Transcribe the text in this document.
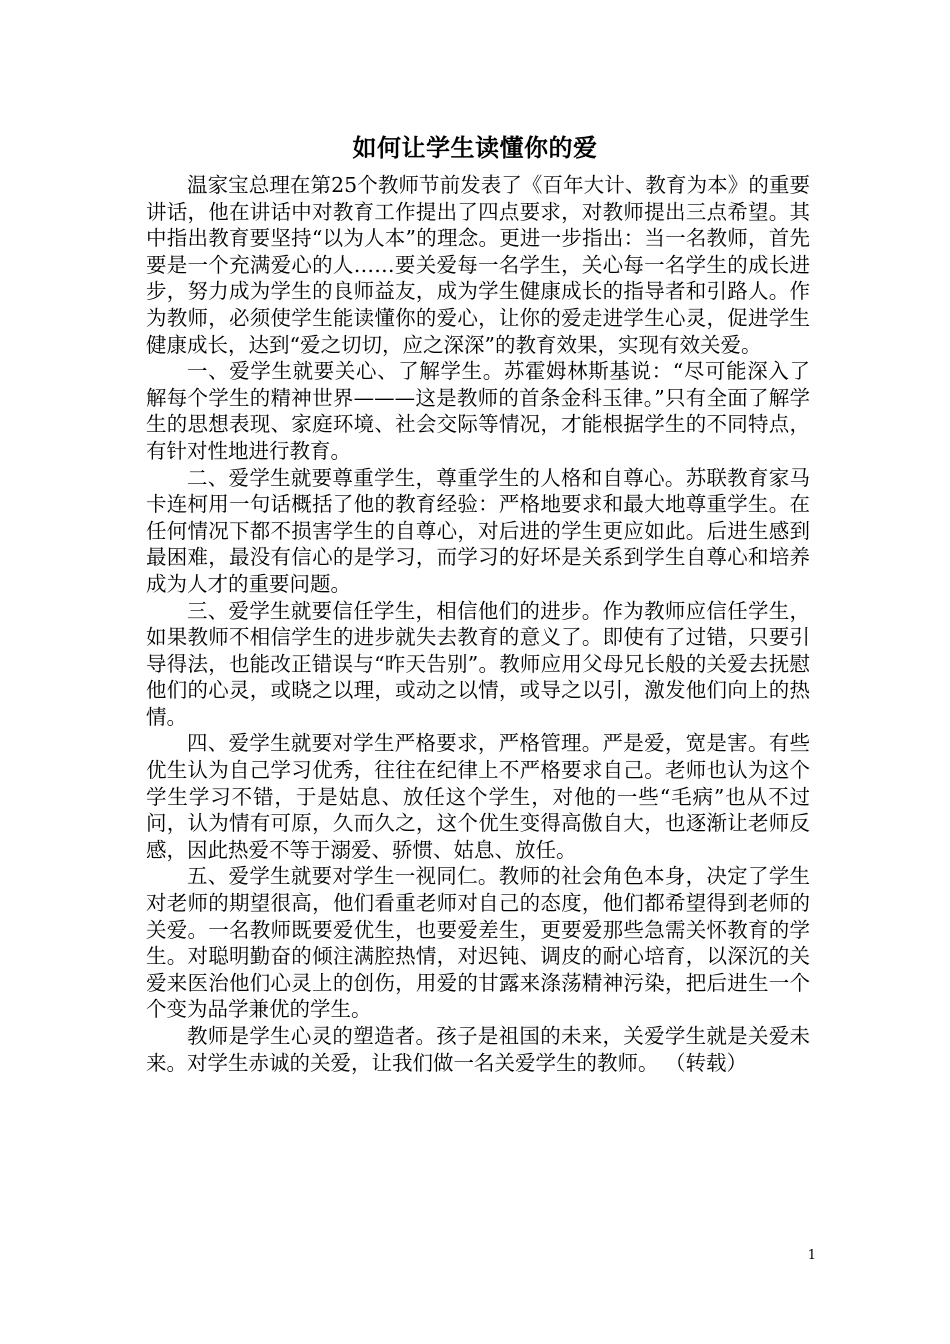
如何让学生读懂你的爱

温家宝总理在第25个教师节前发表了《百年大计、教育为本》的重要讲话，他在讲话中对教育工作提出了四点要求，对教师提出三点希望。其中指出教育要坚持“以为人本”的理念。更进一步指出：当一名教师，首先要是一个充满爱心的人……要关爱每一名学生，关心每一名学生的成长进步，努力成为学生的良师益友，成为学生健康成长的指导者和引路人。作为教师，必须使学生能读懂你的爱心，让你的爱走进学生心灵，促进学生健康成长，达到“爱之切切，应之深深”的教育效果，实现有效关爱。

一、爱学生就要关心、了解学生。苏霍姆林斯基说：“尽可能深入了解每个学生的精神世界———这是教师的首条金科玉律。”只有全面了解学生的思想表现、家庭环境、社会交际等情况，才能根据学生的不同特点，有针对性地进行教育。

二、爱学生就要尊重学生，尊重学生的人格和自尊心。苏联教育家马卡连柯用一句话概括了他的教育经验：严格地要求和最大地尊重学生。在任何情况下都不损害学生的自尊心，对后进的学生更应如此。后进生感到最困难，最没有信心的是学习，而学习的好坏是关系到学生自尊心和培养成为人才的重要问题。

三、爱学生就要信任学生，相信他们的进步。作为教师应信任学生，如果教师不相信学生的进步就失去教育的意义了。即使有了过错，只要引导得法，也能改正错误与“昨天告别”。教师应用父母兄长般的关爱去抚慰他们的心灵，或晓之以理，或动之以情，或导之以引，激发他们向上的热情。

四、爱学生就要对学生严格要求，严格管理。严是爱，宽是害。有些优生认为自己学习优秀，往往在纪律上不严格要求自己。老师也认为这个学生学习不错，于是姑息、放任这个学生，对他的一些“毛病”也从不过问，认为情有可原，久而久之，这个优生变得高傲自大，也逐渐让老师反感，因此热爱不等于溺爱、骄惯、姑息、放任。

五、爱学生就要对学生一视同仁。教师的社会角色本身，决定了学生对老师的期望很高，他们看重老师对自己的态度，他们都希望得到老师的关爱。一名教师既要爱优生，也要爱差生，更要爱那些急需关怀教育的学生。对聪明勤奋的倾注满腔热情，对迟钝、调皮的耐心培育，以深沉的关爱来医治他们心灵上的创伤，用爱的甘露来涤荡精神污染，把后进生一个个变为品学兼优的学生。

教师是学生心灵的塑造者。孩子是祖国的未来，关爱学生就是关爱未来。对学生赤诚的关爱，让我们做一名关爱学生的教师。 （转载）

1
